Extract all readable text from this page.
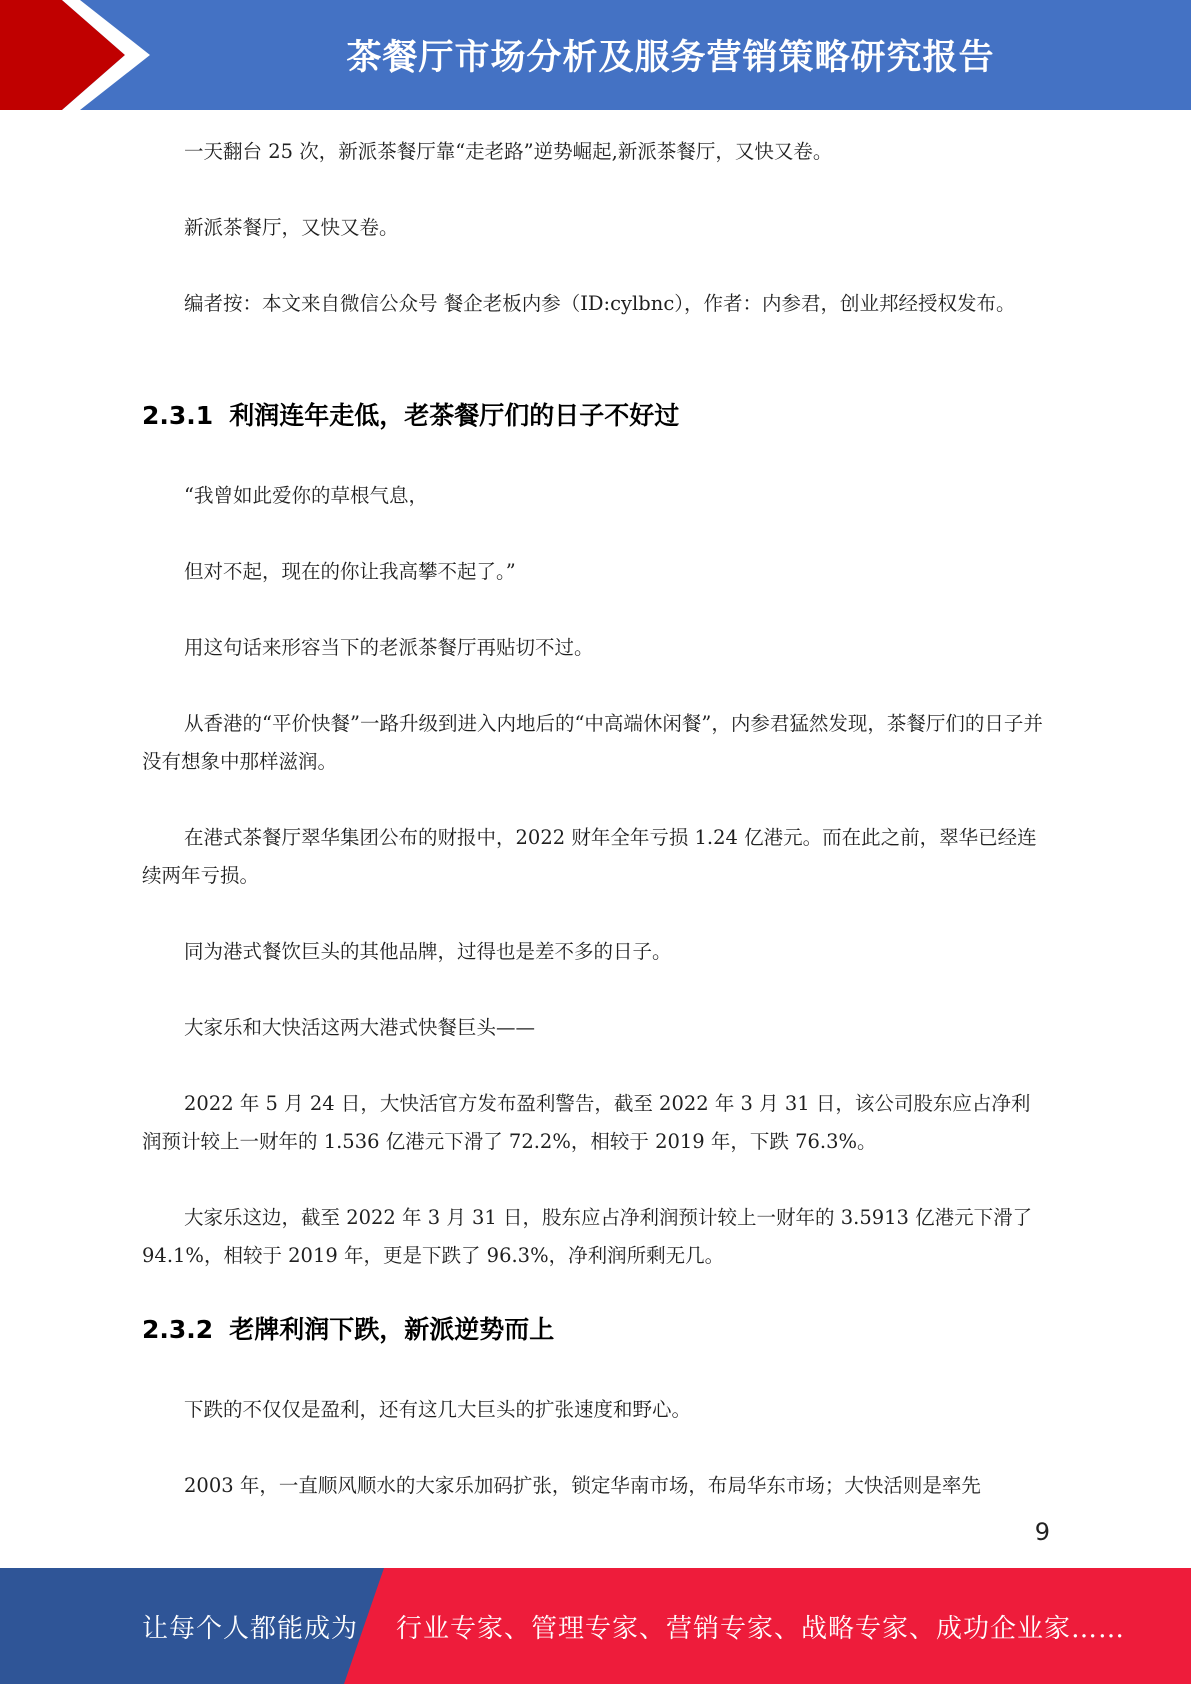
茶餐厅市场分析及服务营销策略研究报告

一天翻台 25 次，新派茶餐厅靠“走老路”逆势崛起,新派茶餐厅，又快又卷。

新派茶餐厅，又快又卷。

编者按：本文来自微信公众号 餐企老板内参（ID:cylbnc），作者：内参君，创业邦经授权发布。

2.3.1 利润连年走低，老茶餐厅们的日子不好过

“我曾如此爱你的草根气息，

但对不起，现在的你让我高攀不起了。”

用这句话来形容当下的老派茶餐厅再贴切不过。

从香港的“平价快餐”一路升级到进入内地后的“中高端休闲餐”，内参君猛然发现，茶餐厅们的日子并没有想象中那样滋润。

在港式茶餐厅翠华集团公布的财报中，2022 财年全年亏损 1.24 亿港元。而在此之前，翠华已经连续两年亏损。

同为港式餐饮巨头的其他品牌，过得也是差不多的日子。

大家乐和大快活这两大港式快餐巨头——

2022 年 5 月 24 日，大快活官方发布盈利警告，截至 2022 年 3 月 31 日，该公司股东应占净利润预计较上一财年的 1.536 亿港元下滑了 72.2%，相较于 2019 年，下跌 76.3%。

大家乐这边，截至 2022 年 3 月 31 日，股东应占净利润预计较上一财年的 3.5913 亿港元下滑了 94.1%，相较于 2019 年，更是下跌了 96.3%，净利润所剩无几。

2.3.2 老牌利润下跌，新派逆势而上

下跌的不仅仅是盈利，还有这几大巨头的扩张速度和野心。

2003 年，一直顺风顺水的大家乐加码扩张，锁定华南市场，布局华东市场；大快活则是率先

9
让每个人都能成为 行业专家、管理专家、营销专家、战略专家、成功企业家……
